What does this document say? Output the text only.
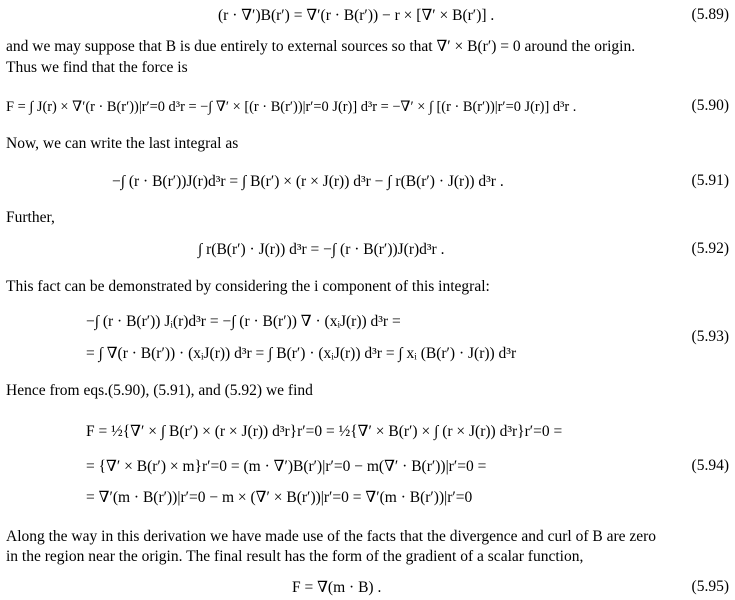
(r · ∇′)B(r′) = ∇′(r · B(r′)) − r × [∇′ × B(r′)] .	(5.89)
and we may suppose that B is due entirely to external sources so that ∇′ × B(r′) = 0 around the origin.
Thus we find that the force is
F = ∫ J(r) × ∇′(r · B(r′))|r′=0 d³r = −∫ ∇′ × [(r · B(r′))|r′=0 J(r)] d³r = −∇′ × ∫ [(r · B(r′))|r′=0 J(r)] d³r .	(5.90)
Now, we can write the last integral as
−∫ (r · B(r′))J(r)d³r = ∫ B(r′) × (r × J(r)) d³r − ∫ r(B(r′) · J(r)) d³r .	(5.91)
Further,
∫ r(B(r′) · J(r)) d³r = −∫ (r · B(r′))J(r)d³r .	(5.92)
This fact can be demonstrated by considering the i component of this integral:
−∫ (r · B(r′)) Jᵢ(r)d³r = −∫ (r · B(r′)) ∇ · (xᵢJ(r)) d³r =
= ∫ ∇(r · B(r′)) · (xᵢJ(r)) d³r = ∫ B(r′) · (xᵢJ(r)) d³r = ∫ xᵢ (B(r′) · J(r)) d³r
(5.93)
Hence from eqs.(5.90), (5.91), and (5.92) we find
F = ½{∇′ × ∫ B(r′) × (r × J(r)) d³r}r′=0 = ½{∇′ × B(r′) × ∫ (r × J(r)) d³r}r′=0 =
= {∇′ × B(r′) × m}r′=0 = (m · ∇′)B(r′)|r′=0 − m(∇′ · B(r′))|r′=0 =
= ∇′(m · B(r′))|r′=0 − m × (∇′ × B(r′))|r′=0 = ∇′(m · B(r′))|r′=0
(5.94)
Along the way in this derivation we have made use of the facts that the divergence and curl of B are zero
in the region near the origin. The final result has the form of the gradient of a scalar function,
F = ∇(m · B) .	(5.95)
